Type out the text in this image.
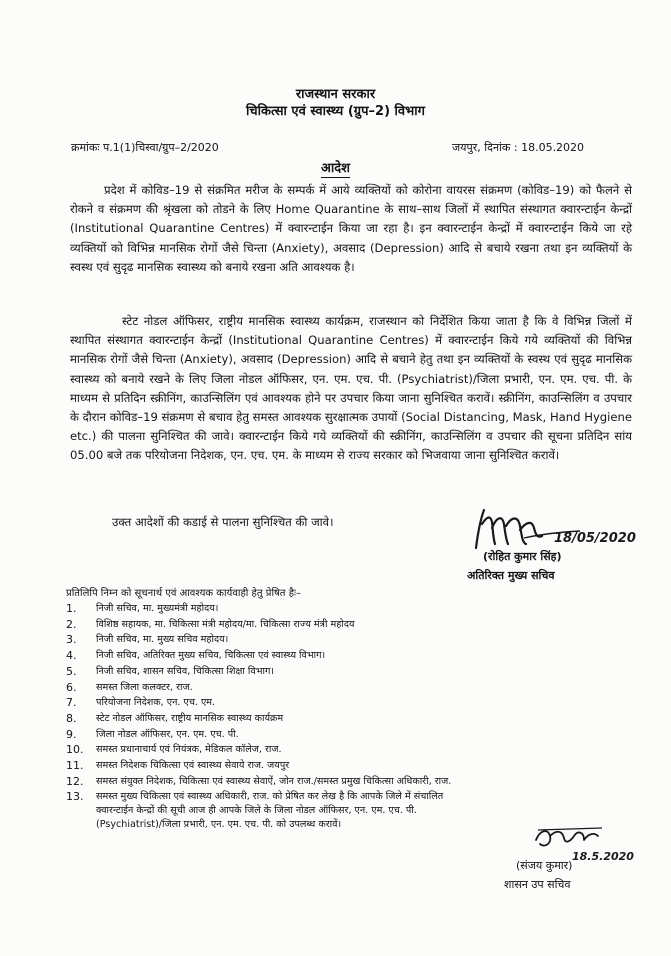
राजस्थान सरकार
चिकित्सा एवं स्वास्थ्य (ग्रुप–2) विभाग
क्रमांकः प.1(1)चिस्वा/ग्रुप–2/2020	जयपुर, दिनांक : 18.05.2020
आदेश
प्रदेश में कोविड–19 से संक्रमित मरीज के सम्पर्क में आये व्यक्तियों को कोरोना वायरस संक्रमण (कोविड–19) को फैलने से रोकने व संक्रमण की श्रृंखला को तोडने के लिए Home Quarantine के साथ–साथ जिलों में स्थापित संस्थागत क्वारन्टाईन केन्द्रों (Institutional Quarantine Centres) में क्वारन्टाईन किया जा रहा है। इन क्वारन्टाईन केन्द्रों में क्वारन्टाईन किये जा रहे व्यक्तियों को विभिन्न मानसिक रोगों जैसे चिन्ता (Anxiety), अवसाद (Depression) आदि से बचाये रखना तथा इन व्यक्तियों के स्वस्थ एवं सुदृढ मानसिक स्वास्थ्य को बनाये रखना अति आवश्यक है।
स्टेट नोडल ऑफिसर, राष्ट्रीय मानसिक स्वास्थ्य कार्यक्रम, राजस्थान को निर्देशित किया जाता है कि वे विभिन्न जिलों में स्थापित संस्थागत क्वारन्टाईन केन्द्रों (Institutional Quarantine Centres) में क्वारन्टाईन किये गये व्यक्तियों की विभिन्न मानसिक रोगों जैसे चिन्ता (Anxiety), अवसाद (Depression) आदि से बचाने हेतु तथा इन व्यक्तियों के स्वस्थ एवं सुदृढ मानसिक स्वास्थ्य को बनाये रखने के लिए जिला नोडल ऑफिसर, एन. एम. एच. पी. (Psychiatrist)/जिला प्रभारी, एन. एम. एच. पी. के माध्यम से प्रतिदिन स्क्रीनिंग, काउन्सिलिंग एवं आवश्यक होने पर उपचार किया जाना सुनिश्चित करावें। स्क्रीनिंग, काउन्सिलिंग व उपचार के दौरान कोविड–19 संक्रमण से बचाव हेतु समस्त आवश्यक सुरक्षात्मक उपायों (Social Distancing, Mask, Hand Hygiene etc.) की पालना सुनिश्चित की जावे। क्वारन्टाईन किये गये व्यक्तियों की स्क्रीनिंग, काउन्सिलिंग व उपचार की सूचना प्रतिदिन सांय 05.00 बजे तक परियोजना निदेशक, एन. एच. एम. के माध्यम से राज्य सरकार को भिजवाया जाना सुनिश्चित करावें।
उक्त आदेशों की कडाई से पालना सुनिश्चित की जावे।
18/05/2020
(रोहित कुमार सिंह)
अतिरिक्त मुख्य सचिव
प्रतिलिपि निम्न को सूचनार्थ एवं आवश्यक कार्यवाही हेतु प्रेषित हैः–
1.	निजी सचिव, मा. मुख्यमंत्री महोदय।
2.	विशिष्ठ सहायक, मा. चिकित्सा मंत्री महोदय/मा. चिकित्सा राज्य मंत्री महोदय
3.	निजी सचिव, मा. मुख्य सचिव महोदय।
4.	निजी सचिव, अतिरिक्त मुख्य सचिव, चिकित्सा एवं स्वास्थ्य विभाग।
5.	निजी सचिव, शासन सचिव, चिकित्सा शिक्षा विभाग।
6.	समस्त जिला कलक्टर, राज.
7.	परियोजना निदेशक, एन. एच. एम.
8.	स्टेट नोडल ऑफिसर, राष्ट्रीय मानसिक स्वास्थ्य कार्यक्रम
9.	जिला नोडल ऑफिसर, एन. एम. एच. पी.
10.	समस्त प्रधानाचार्य एवं नियंत्रक, मेडिकल कॉलेज, राज.
11.	समस्त निदेशक चिकित्सा एवं स्वास्थ्य सेवाये राज. जयपुर
12.	समस्त संयुक्त निदेशक, चिकित्सा एवं स्वास्थ्य सेवाऐं, जोन राज./समस्त प्रमुख चिकित्सा अधिकारी, राज.
13.	समस्त मुख्य चिकित्सा एवं स्वास्थ्य अधिकारी, राज. को प्रेषित कर लेख है कि आपके जिले में संचालित
क्वारन्टाईन केन्द्रों की सूची आज ही आपके जिले के जिला नोडल ऑफिसर, एन. एम. एच. पी.
(Psychiatrist)/जिला प्रभारी, एन. एम. एच. पी. को उपलब्ध करावें।
18.5.2020
(संजय कुमार)
शासन उप सचिव
